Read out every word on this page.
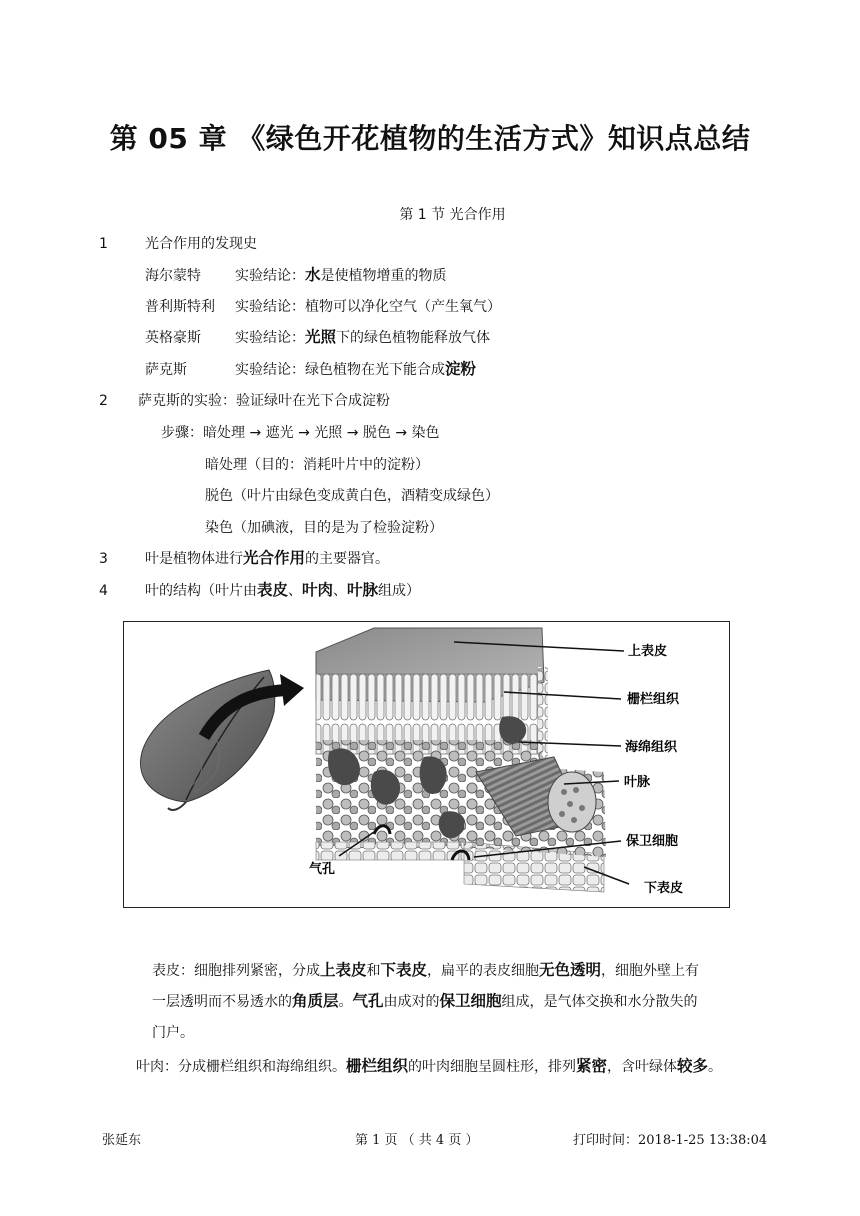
第 05 章 《绿色开花植物的生活方式》知识点总结
第 1 节 光合作用
1	光合作用的发现史
海尔蒙特 实验结论：水是使植物增重的物质
普利斯特利 实验结论：植物可以净化空气（产生氧气）
英格豪斯 实验结论：光照下的绿色植物能释放气体
萨克斯	实验结论：绿色植物在光下能合成淀粉
2 萨克斯的实验：验证绿叶在光下合成淀粉
步骤：暗处理 → 遮光 → 光照 → 脱色 → 染色
暗处理（目的：消耗叶片中的淀粉）
脱色（叶片由绿色变成黄白色，酒精变成绿色）
染色（加碘液，目的是为了检验淀粉）
3	叶是植物体进行光合作用的主要器官。
4	叶的结构（叶片由表皮、叶肉、叶脉组成）
上表皮
栅栏组织
海绵组织
叶脉
保卫细胞
下表皮
气孔
表皮：细胞排列紧密，分成上表皮和下表皮，扁平的表皮细胞无色透明，细胞外壁上有
一层透明而不易透水的角质层。气孔由成对的保卫细胞组成，是气体交换和水分散失的
门户。
叶肉：分成栅栏组织和海绵组织。栅栏组织的叶肉细胞呈圆柱形，排列紧密，含叶绿体较多。
张延东	第 1 页 （ 共 4 页 ）	打印时间：2018-1-25 13:38:04
